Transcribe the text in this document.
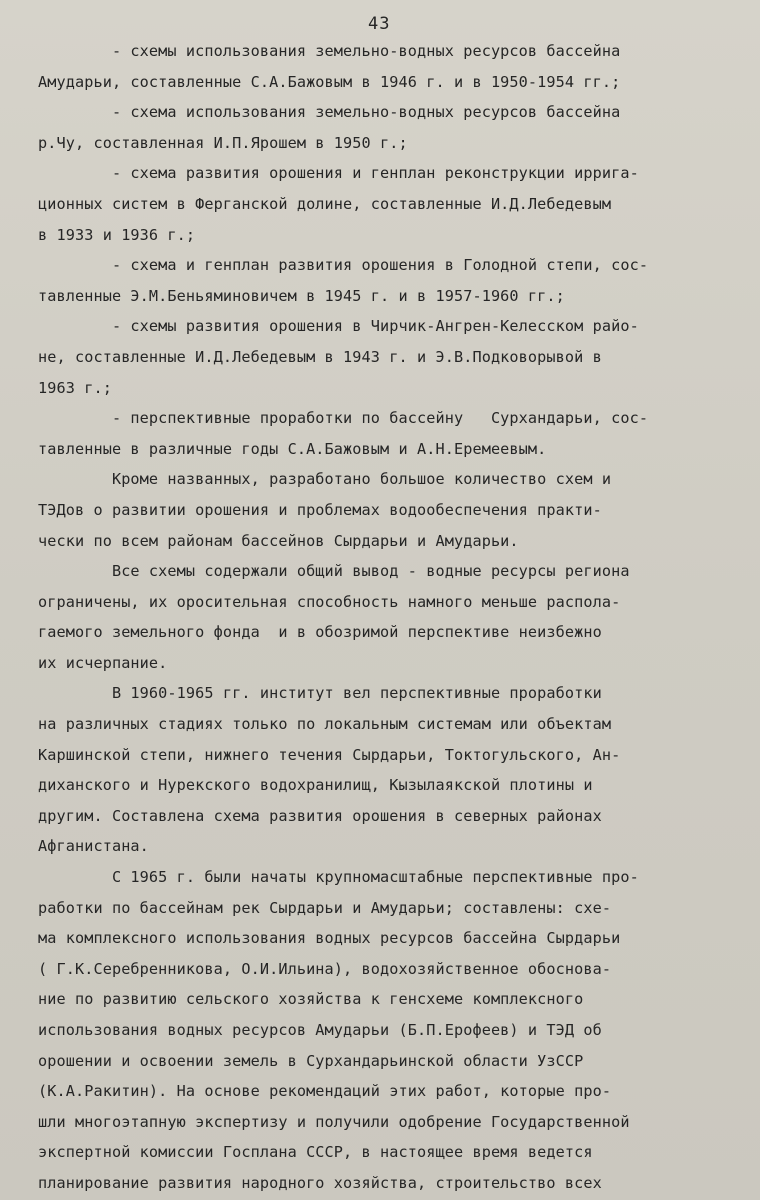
43
- схемы использования земельно-водных ресурсов бассейна
Амударьи, составленные С.А.Бажовым в 1946 г. и в 1950-1954 гг.;
- схема использования земельно-водных ресурсов бассейна
р.Чу, составленная И.П.Ярошем в 1950 г.;
- схема развития орошения и генплан реконструкции ирригa-
ционных систем в Ферганской долине, составленные И.Д.Лебедевым
в 1933 и 1936 г.;
- схема и генплан развития орошения в Голодной степи, сос-
тавленные Э.М.Беньяминовичем в 1945 г. и в 1957-1960 гг.;
- схемы развития орошения в Чирчик-Ангрен-Келесском райо-
не, составленные И.Д.Лебедевым в 1943 г. и Э.В.Подковорывой в
1963 г.;
- перспективные проработки по бассейну   Сурхандарьи, сос-
тавленные в различные годы С.А.Бажовым и А.Н.Еремеевым.
Кроме названных, разработано большое количество схем и
ТЭДов о развитии орошения и проблемах водообеспечения практи-
чески по всем районам бассейнов Сырдарьи и Амударьи.
Все схемы содержали общий вывод - водные ресурсы региона
ограничены, их оросительная способность намного меньше распола-
гаемого земельного фонда  и в обозримой перспективе неизбежно
их исчерпание.
В 1960-1965 гг. институт вел перспективные проработки
на различных стадиях только по локальным системам или объектам
Каршинской степи, нижнего течения Сырдарьи, Токтогульского, Ан-
диханского и Нурекского водохранилищ, Кызылаякской плотины и
другим. Составлена схема развития орошения в северных районах
Афганистана.
С 1965 г. были начаты крупномасштабные перспективные про-
работки по бассейнам рек Сырдарьи и Амударьи; составлены: схе-
ма комплексного использования водных ресурсов бассейна Сырдарьи
( Г.К.Серебренникова, О.И.Ильина), водохозяйственное обоснова-
ние по развитию сельского хозяйства к генсхеме комплексного
использования водных ресурсов Амударьи (Б.П.Ерофеев) и ТЭД об
орошении и освоении земель в Сурхандарьинской области УзССР
(К.А.Ракитин). На основе рекомендаций этих работ, которые про-
шли многоэтапную экспертизу и получили одобрение Государственной
экспертной комиссии Госплана СССР, в настоящее время ведется
планирование развития народного хозяйства, строительство всех
